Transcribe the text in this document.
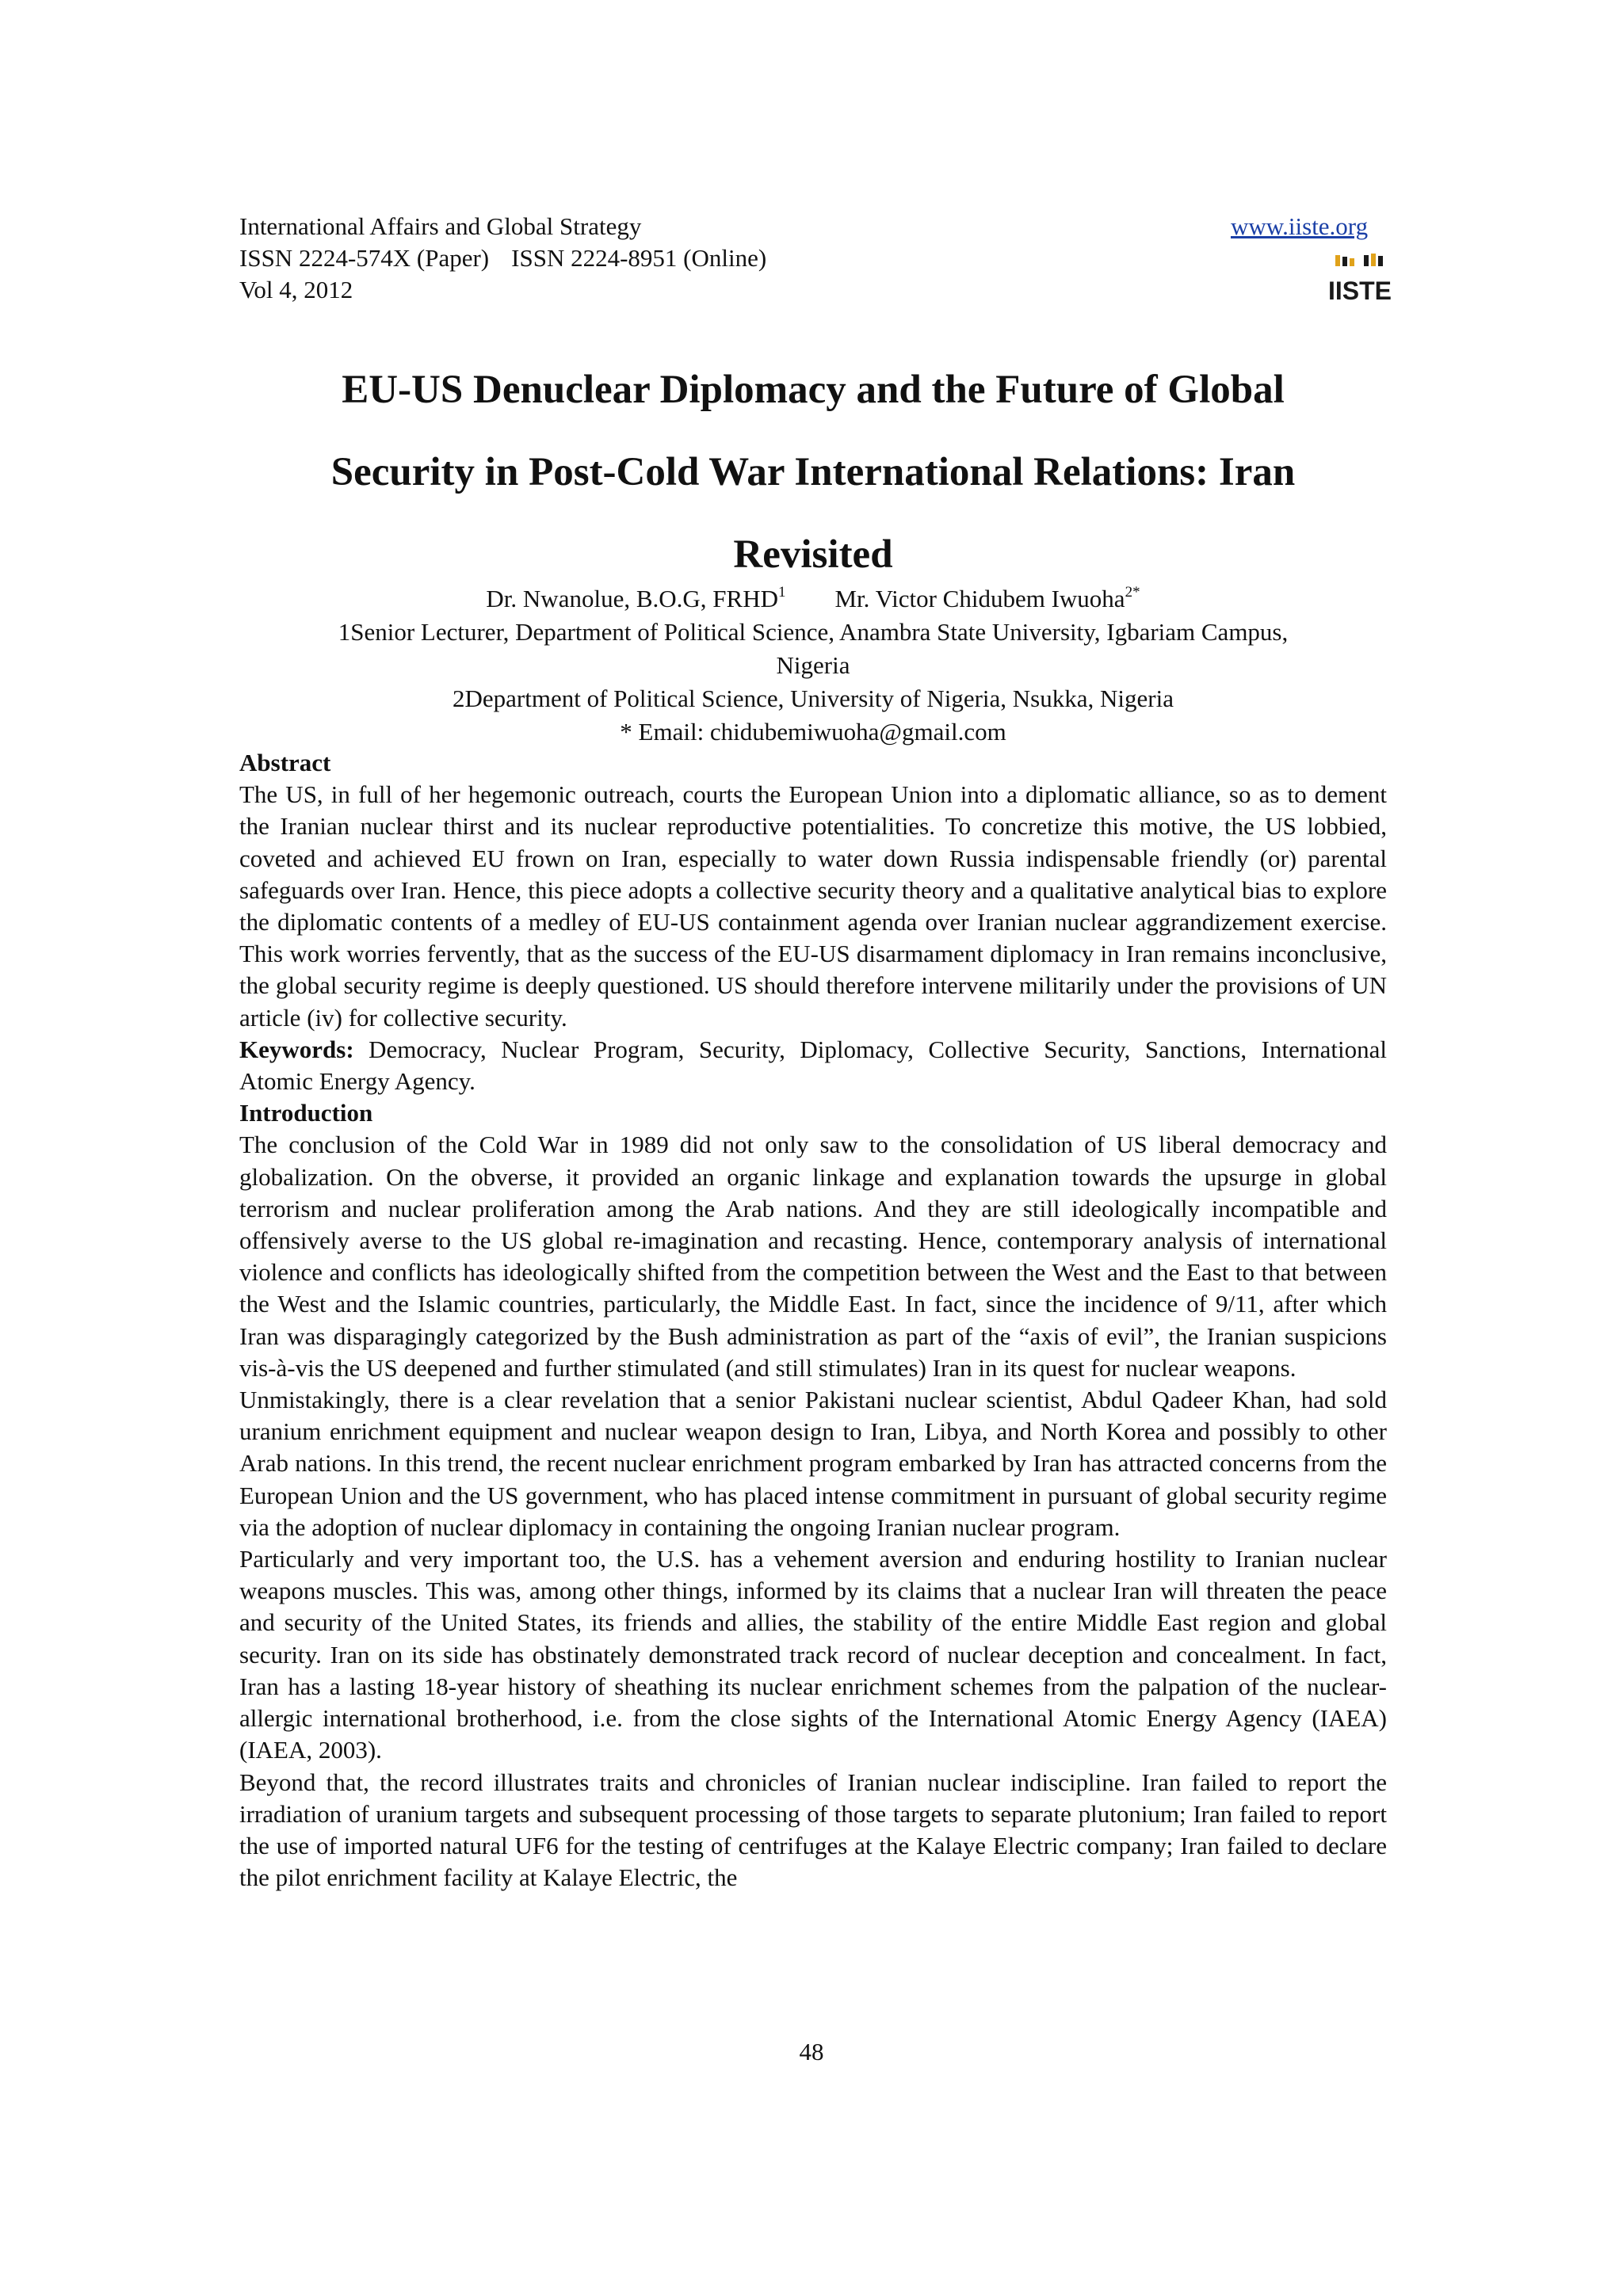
International Affairs and Global Strategy
ISSN 2224-574X (Paper) ISSN 2224-8951 (Online)
Vol 4, 2012
www.iiste.org
IISTE
EU-US Denuclear Diplomacy and the Future of Global
Security in Post-Cold War International Relations: Iran
Revisited
Dr. Nwanolue, B.O.G, FRHD$^1$ Mr. Victor Chidubem Iwuoha$^{2*}$
1Senior Lecturer, Department of Political Science, Anambra State University, Igbariam Campus,
Nigeria
2Department of Political Science, University of Nigeria, Nsukka, Nigeria
* Email: chidubemiwuoha@gmail.com

Abstract

The US, in full of her hegemonic outreach, courts the European Union into a diplomatic alliance, so as to dement the Iranian nuclear thirst and its nuclear reproductive potentialities. To concretize this motive, the US lobbied, coveted and achieved EU frown on Iran, especially to water down Russia indispensable friendly (or) parental safeguards over Iran. Hence, this piece adopts a collective security theory and a qualitative analytical bias to explore the diplomatic contents of a medley of EU-US containment agenda over Iranian nuclear aggrandizement exercise. This work worries fervently, that as the success of the EU-US disarmament diplomacy in Iran remains inconclusive, the global security regime is deeply questioned. US should therefore intervene militarily under the provisions of UN article (iv) for collective security.

Keywords: Democracy, Nuclear Program, Security, Diplomacy, Collective Security, Sanctions, International Atomic Energy Agency.

Introduction

The conclusion of the Cold War in 1989 did not only saw to the consolidation of US liberal democracy and globalization. On the obverse, it provided an organic linkage and explanation towards the upsurge in global terrorism and nuclear proliferation among the Arab nations. And they are still ideologically incompatible and offensively averse to the US global re-imagination and recasting. Hence, contemporary analysis of international violence and conflicts has ideologically shifted from the competition between the West and the East to that between the West and the Islamic countries, particularly, the Middle East. In fact, since the incidence of 9/11, after which Iran was disparagingly categorized by the Bush administration as part of the “axis of evil”, the Iranian suspicions vis-à-vis the US deepened and further stimulated (and still stimulates) Iran in its quest for nuclear weapons.

Unmistakingly, there is a clear revelation that a senior Pakistani nuclear scientist, Abdul Qadeer Khan, had sold uranium enrichment equipment and nuclear weapon design to Iran, Libya, and North Korea and possibly to other Arab nations. In this trend, the recent nuclear enrichment program embarked by Iran has attracted concerns from the European Union and the US government, who has placed intense commitment in pursuant of global security regime via the adoption of nuclear diplomacy in containing the ongoing Iranian nuclear program.

Particularly and very important too, the U.S. has a vehement aversion and enduring hostility to Iranian nuclear weapons muscles. This was, among other things, informed by its claims that a nuclear Iran will threaten the peace and security of the United States, its friends and allies, the stability of the entire Middle East region and global security. Iran on its side has obstinately demonstrated track record of nuclear deception and concealment. In fact, Iran has a lasting 18-year history of sheathing its nuclear enrichment schemes from the palpation of the nuclear-allergic international brotherhood, i.e. from the close sights of the International Atomic Energy Agency (IAEA) (IAEA, 2003).

Beyond that, the record illustrates traits and chronicles of Iranian nuclear indiscipline. Iran failed to report the irradiation of uranium targets and subsequent processing of those targets to separate plutonium; Iran failed to report the use of imported natural UF6 for the testing of centrifuges at the Kalaye Electric company; Iran failed to declare the pilot enrichment facility at Kalaye Electric, the

48
